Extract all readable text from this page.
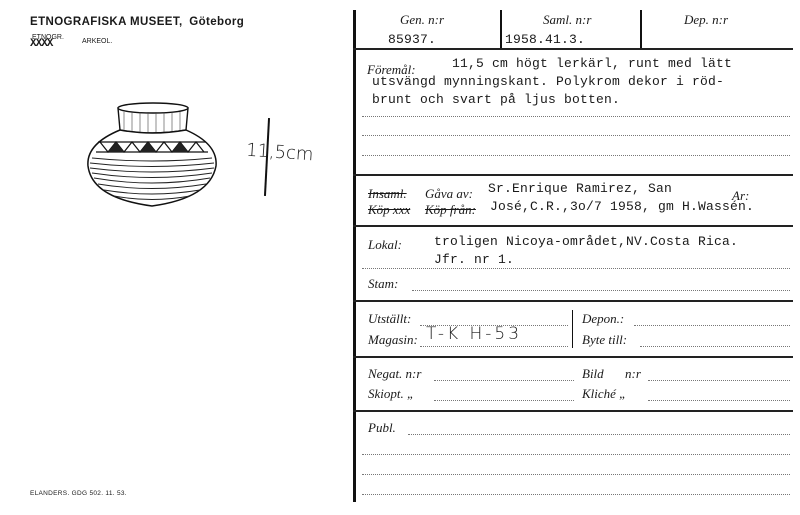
ETNOGRAFISKA MUSEET, Göteborg
ETNOGR.
XXXX	ARKEOL.
11,5cm
ELANDERS. GDG 502. 11. 53.
Gen. n:r
85937.
Saml. n:r
1958.41.3.
Dep. n:r
Föremål:	11,5 cm högt lerkärl, runt med lätt
utsvängd mynningskant. Polykrom dekor i röd-
brunt och svart på ljus botten.
Insaml. Gåva av: Sr.Enrique Ramirez, San	Ar:
Köp xxx Köp från: José,C.R.,3o/7 1958, gm H.Wassén.
Lokal: troligen Nicoya-området,NV.Costa Rica.
Jfr. nr 1.
Stam:
Utställt:	Depon.:
Magasin: T-K H-53	Byte till:
Negat. n:r	Bild n:r
Skiopt. „	Kliché „
Publ.
